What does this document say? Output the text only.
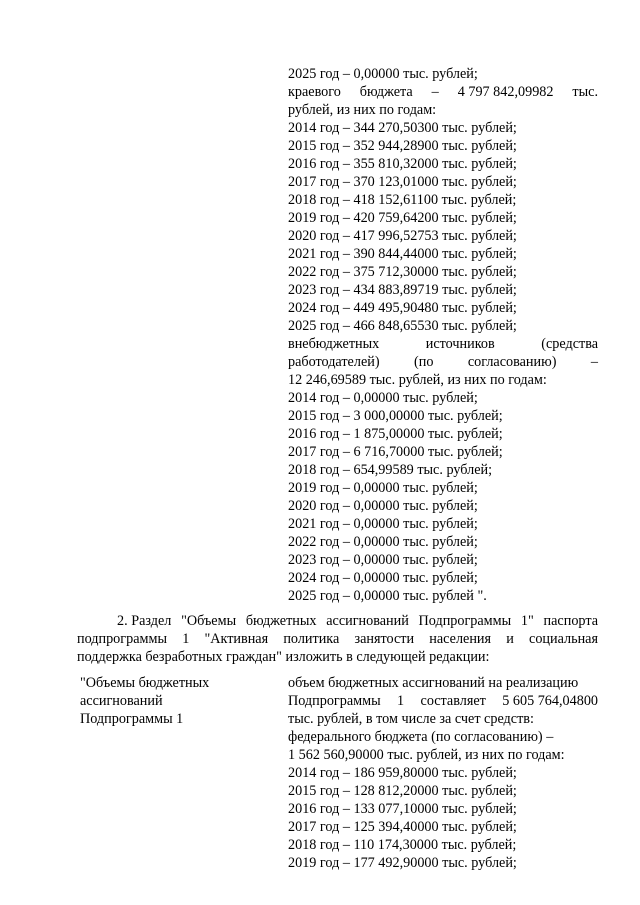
2025 год – 0,00000 тыс. рублей;
краевого бюджета – 4 797 842,09982 тыс.
рублей, из них по годам:
2014 год – 344 270,50300 тыс. рублей;
2015 год – 352 944,28900 тыс. рублей;
2016 год – 355 810,32000 тыс. рублей;
2017 год – 370 123,01000 тыс. рублей;
2018 год – 418 152,61100 тыс. рублей;
2019 год – 420 759,64200 тыс. рублей;
2020 год – 417 996,52753 тыс. рублей;
2021 год – 390 844,44000 тыс. рублей;
2022 год – 375 712,30000 тыс. рублей;
2023 год – 434 883,89719 тыс. рублей;
2024 год – 449 495,90480 тыс. рублей;
2025 год – 466 848,65530 тыс. рублей;
внебюджетных	источников	(средства
работодателей) (по согласованию) –
12 246,69589 тыс. рублей, из них по годам:
2014 год – 0,00000 тыс. рублей;
2015 год – 3 000,00000 тыс. рублей;
2016 год – 1 875,00000 тыс. рублей;
2017 год – 6 716,70000 тыс. рублей;
2018 год – 654,99589 тыс. рублей;
2019 год – 0,00000 тыс. рублей;
2020 год – 0,00000 тыс. рублей;
2021 год – 0,00000 тыс. рублей;
2022 год – 0,00000 тыс. рублей;
2023 год – 0,00000 тыс. рублей;
2024 год – 0,00000 тыс. рублей;
2025 год – 0,00000 тыс. рублей ".
2. Раздел "Объемы бюджетных ассигнований Подпрограммы 1" паспорта
подпрограммы 1 "Активная политика занятости населения и социальная
поддержка безработных граждан" изложить в следующей редакции:
"Объемы бюджетных
ассигнований
Подпрограммы 1
объем бюджетных ассигнований на реализацию
Подпрограммы 1 составляет 5 605 764,04800
тыс. рублей, в том числе за счет средств:
федерального бюджета (по согласованию) –
1 562 560,90000 тыс. рублей, из них по годам:
2014 год – 186 959,80000 тыс. рублей;
2015 год – 128 812,20000 тыс. рублей;
2016 год – 133 077,10000 тыс. рублей;
2017 год – 125 394,40000 тыс. рублей;
2018 год – 110 174,30000 тыс. рублей;
2019 год – 177 492,90000 тыс. рублей;
